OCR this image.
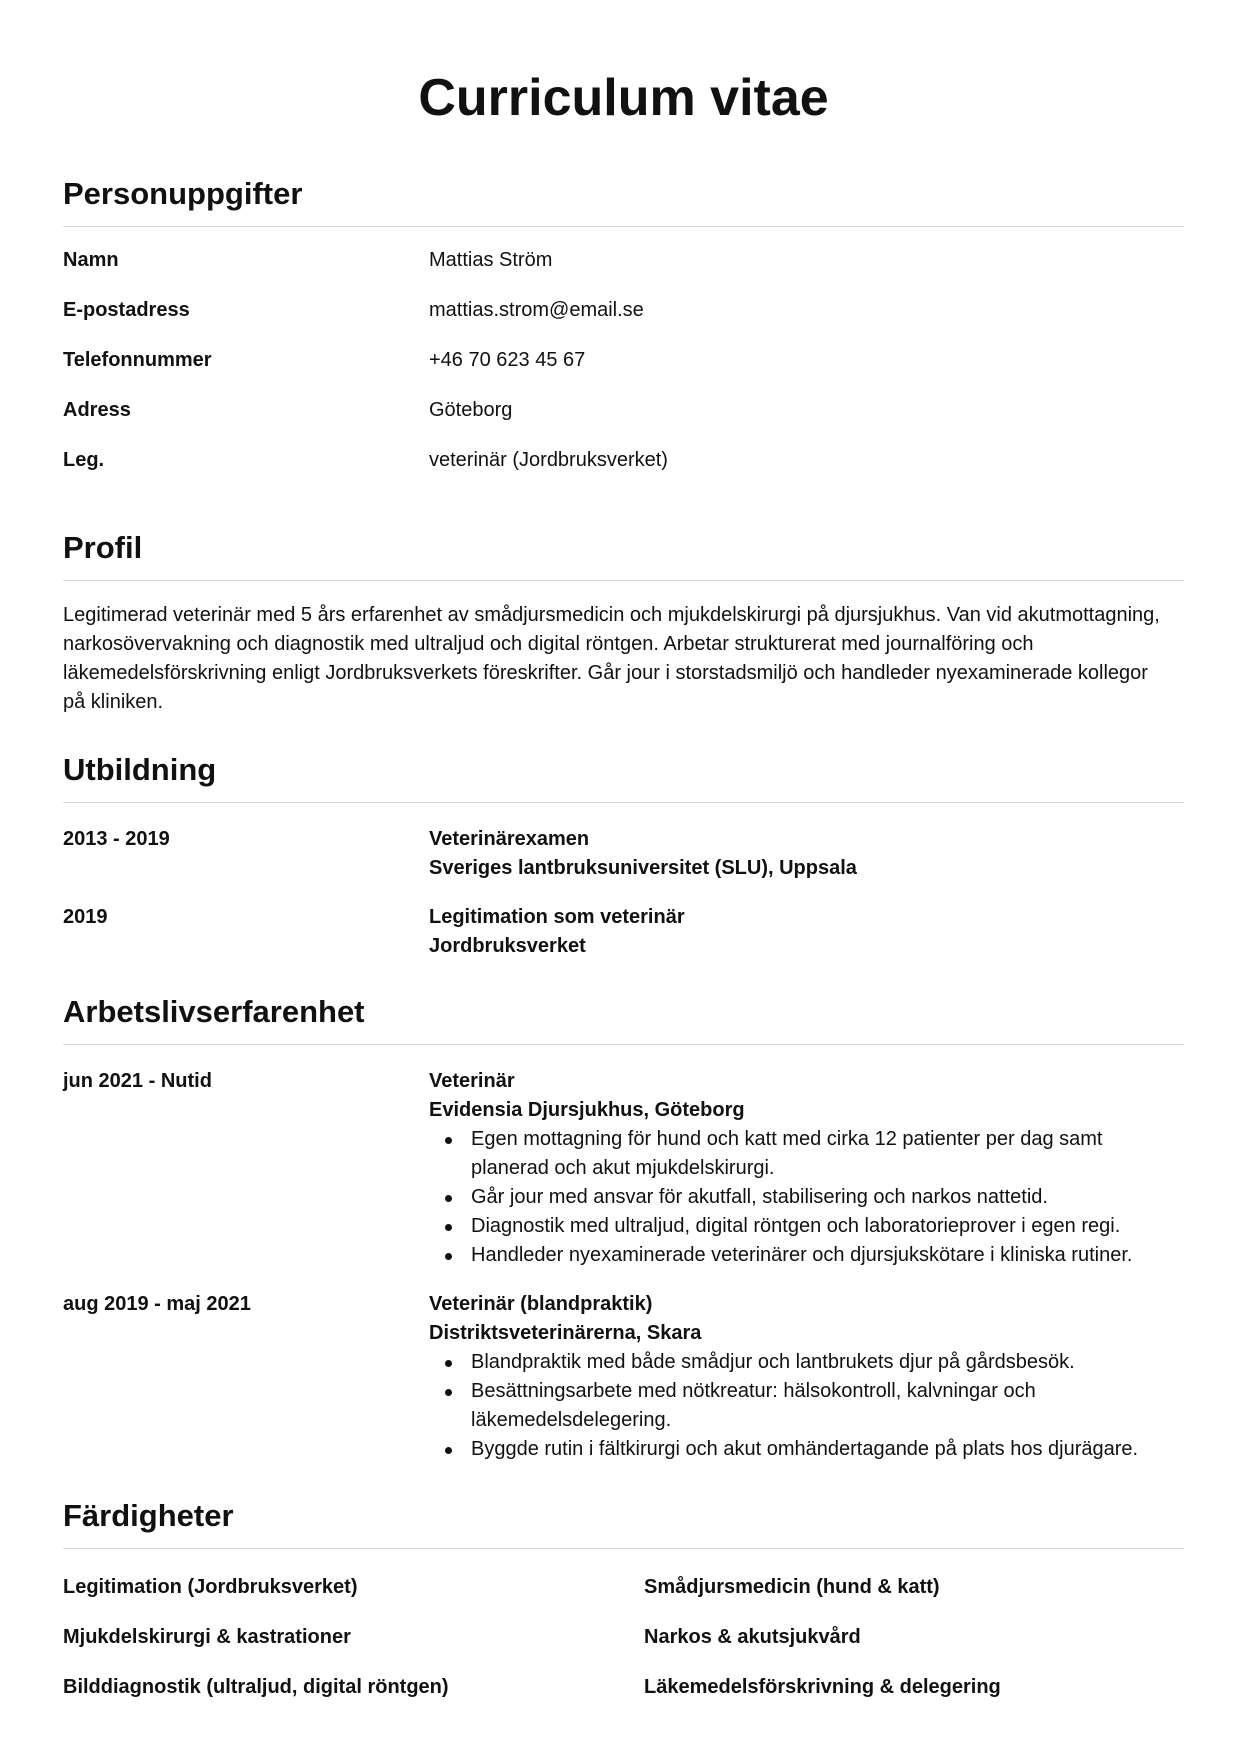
Curriculum vitae
Personuppgifter
Namn	Mattias Ström
E-postadress	mattias.strom@email.se
Telefonnummer	+46 70 623 45 67
Adress	Göteborg
Leg.	veterinär (Jordbruksverket)
Profil

Legitimerad veterinär med 5 års erfarenhet av smådjursmedicin och mjukdelskirurgi på djursjukhus. Van vid akutmottagning, narkosövervakning och diagnostik med ultraljud och digital röntgen. Arbetar strukturerat med journalföring och läkemedelsförskrivning enligt Jordbruksverkets föreskrifter. Går jour i storstadsmiljö och handleder nyexaminerade kollegor på kliniken.

Utbildning
2013 - 2019	Veterinärexamen
Sveriges lantbruksuniversitet (SLU), Uppsala
2019	Legitimation som veterinär
Jordbruksverket
Arbetslivserfarenhet
jun 2021 - Nutid	Veterinär
Evidensia Djursjukhus, Göteborg
Egen mottagning för hund och katt med cirka 12 patienter per dag samt planerad och akut mjukdelskirurgi.
Går jour med ansvar för akutfall, stabilisering och narkos nattetid.
Diagnostik med ultraljud, digital röntgen och laboratorieprover i egen regi.
Handleder nyexaminerade veterinärer och djursjukskötare i kliniska rutiner.
aug 2019 - maj 2021	Veterinär (blandpraktik)
Distriktsveterinärerna, Skara
Blandpraktik med både smådjur och lantbrukets djur på gårdsbesök.
Besättningsarbete med nötkreatur: hälsokontroll, kalvningar och läkemedelsdelegering.
Byggde rutin i fältkirurgi och akut omhändertagande på plats hos djurägare.
Färdigheter
Legitimation (Jordbruksverket)	Smådjursmedicin (hund & katt)
Mjukdelskirurgi & kastrationer	Narkos & akutsjukvård
Bilddiagnostik (ultraljud, digital röntgen)	Läkemedelsförskrivning & delegering
